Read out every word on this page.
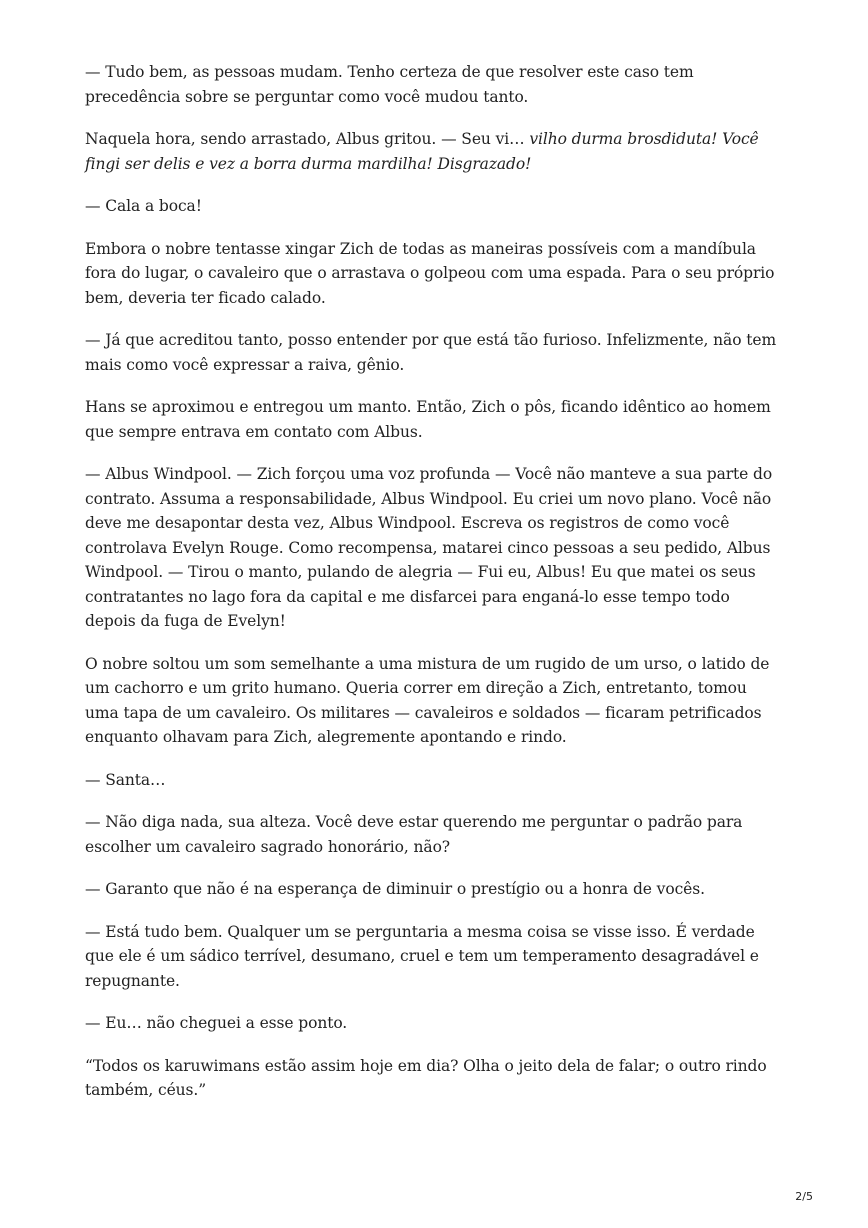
— Tudo bem, as pessoas mudam. Tenho certeza de que resolver este caso tem precedência sobre se perguntar como você mudou tanto.

Naquela hora, sendo arrastado, Albus gritou. — Seu vi… vilho durma brosdiduta! Você fingi ser delis e vez a borra durma mardilha! Disgrazado!

— Cala a boca!

Embora o nobre tentasse xingar Zich de todas as maneiras possíveis com a mandíbula fora do lugar, o cavaleiro que o arrastava o golpeou com uma espada. Para o seu próprio bem, deveria ter ficado calado.

— Já que acreditou tanto, posso entender por que está tão furioso. Infelizmente, não tem mais como você expressar a raiva, gênio.

Hans se aproximou e entregou um manto. Então, Zich o pôs, ficando idêntico ao homem que sempre entrava em contato com Albus.

— Albus Windpool. — Zich forçou uma voz profunda — Você não manteve a sua parte do contrato. Assuma a responsabilidade, Albus Windpool. Eu criei um novo plano. Você não deve me desapontar desta vez, Albus Windpool. Escreva os registros de como você controlava Evelyn Rouge. Como recompensa, matarei cinco pessoas a seu pedido, Albus Windpool. — Tirou o manto, pulando de alegria — Fui eu, Albus! Eu que matei os seus contratantes no lago fora da capital e me disfarcei para enganá-lo esse tempo todo depois da fuga de Evelyn!

O nobre soltou um som semelhante a uma mistura de um rugido de um urso, o latido de um cachorro e um grito humano. Queria correr em direção a Zich, entretanto, tomou uma tapa de um cavaleiro. Os militares — cavaleiros e soldados — ficaram petrificados enquanto olhavam para Zich, alegremente apontando e rindo.

— Santa…

— Não diga nada, sua alteza. Você deve estar querendo me perguntar o padrão para escolher um cavaleiro sagrado honorário, não?

— Garanto que não é na esperança de diminuir o prestígio ou a honra de vocês.

— Está tudo bem. Qualquer um se perguntaria a mesma coisa se visse isso. É verdade que ele é um sádico terrível, desumano, cruel e tem um temperamento desagradável e repugnante.

— Eu… não cheguei a esse ponto.

“Todos os karuwimans estão assim hoje em dia? Olha o jeito dela de falar; o outro rindo também, céus.”

2/5
